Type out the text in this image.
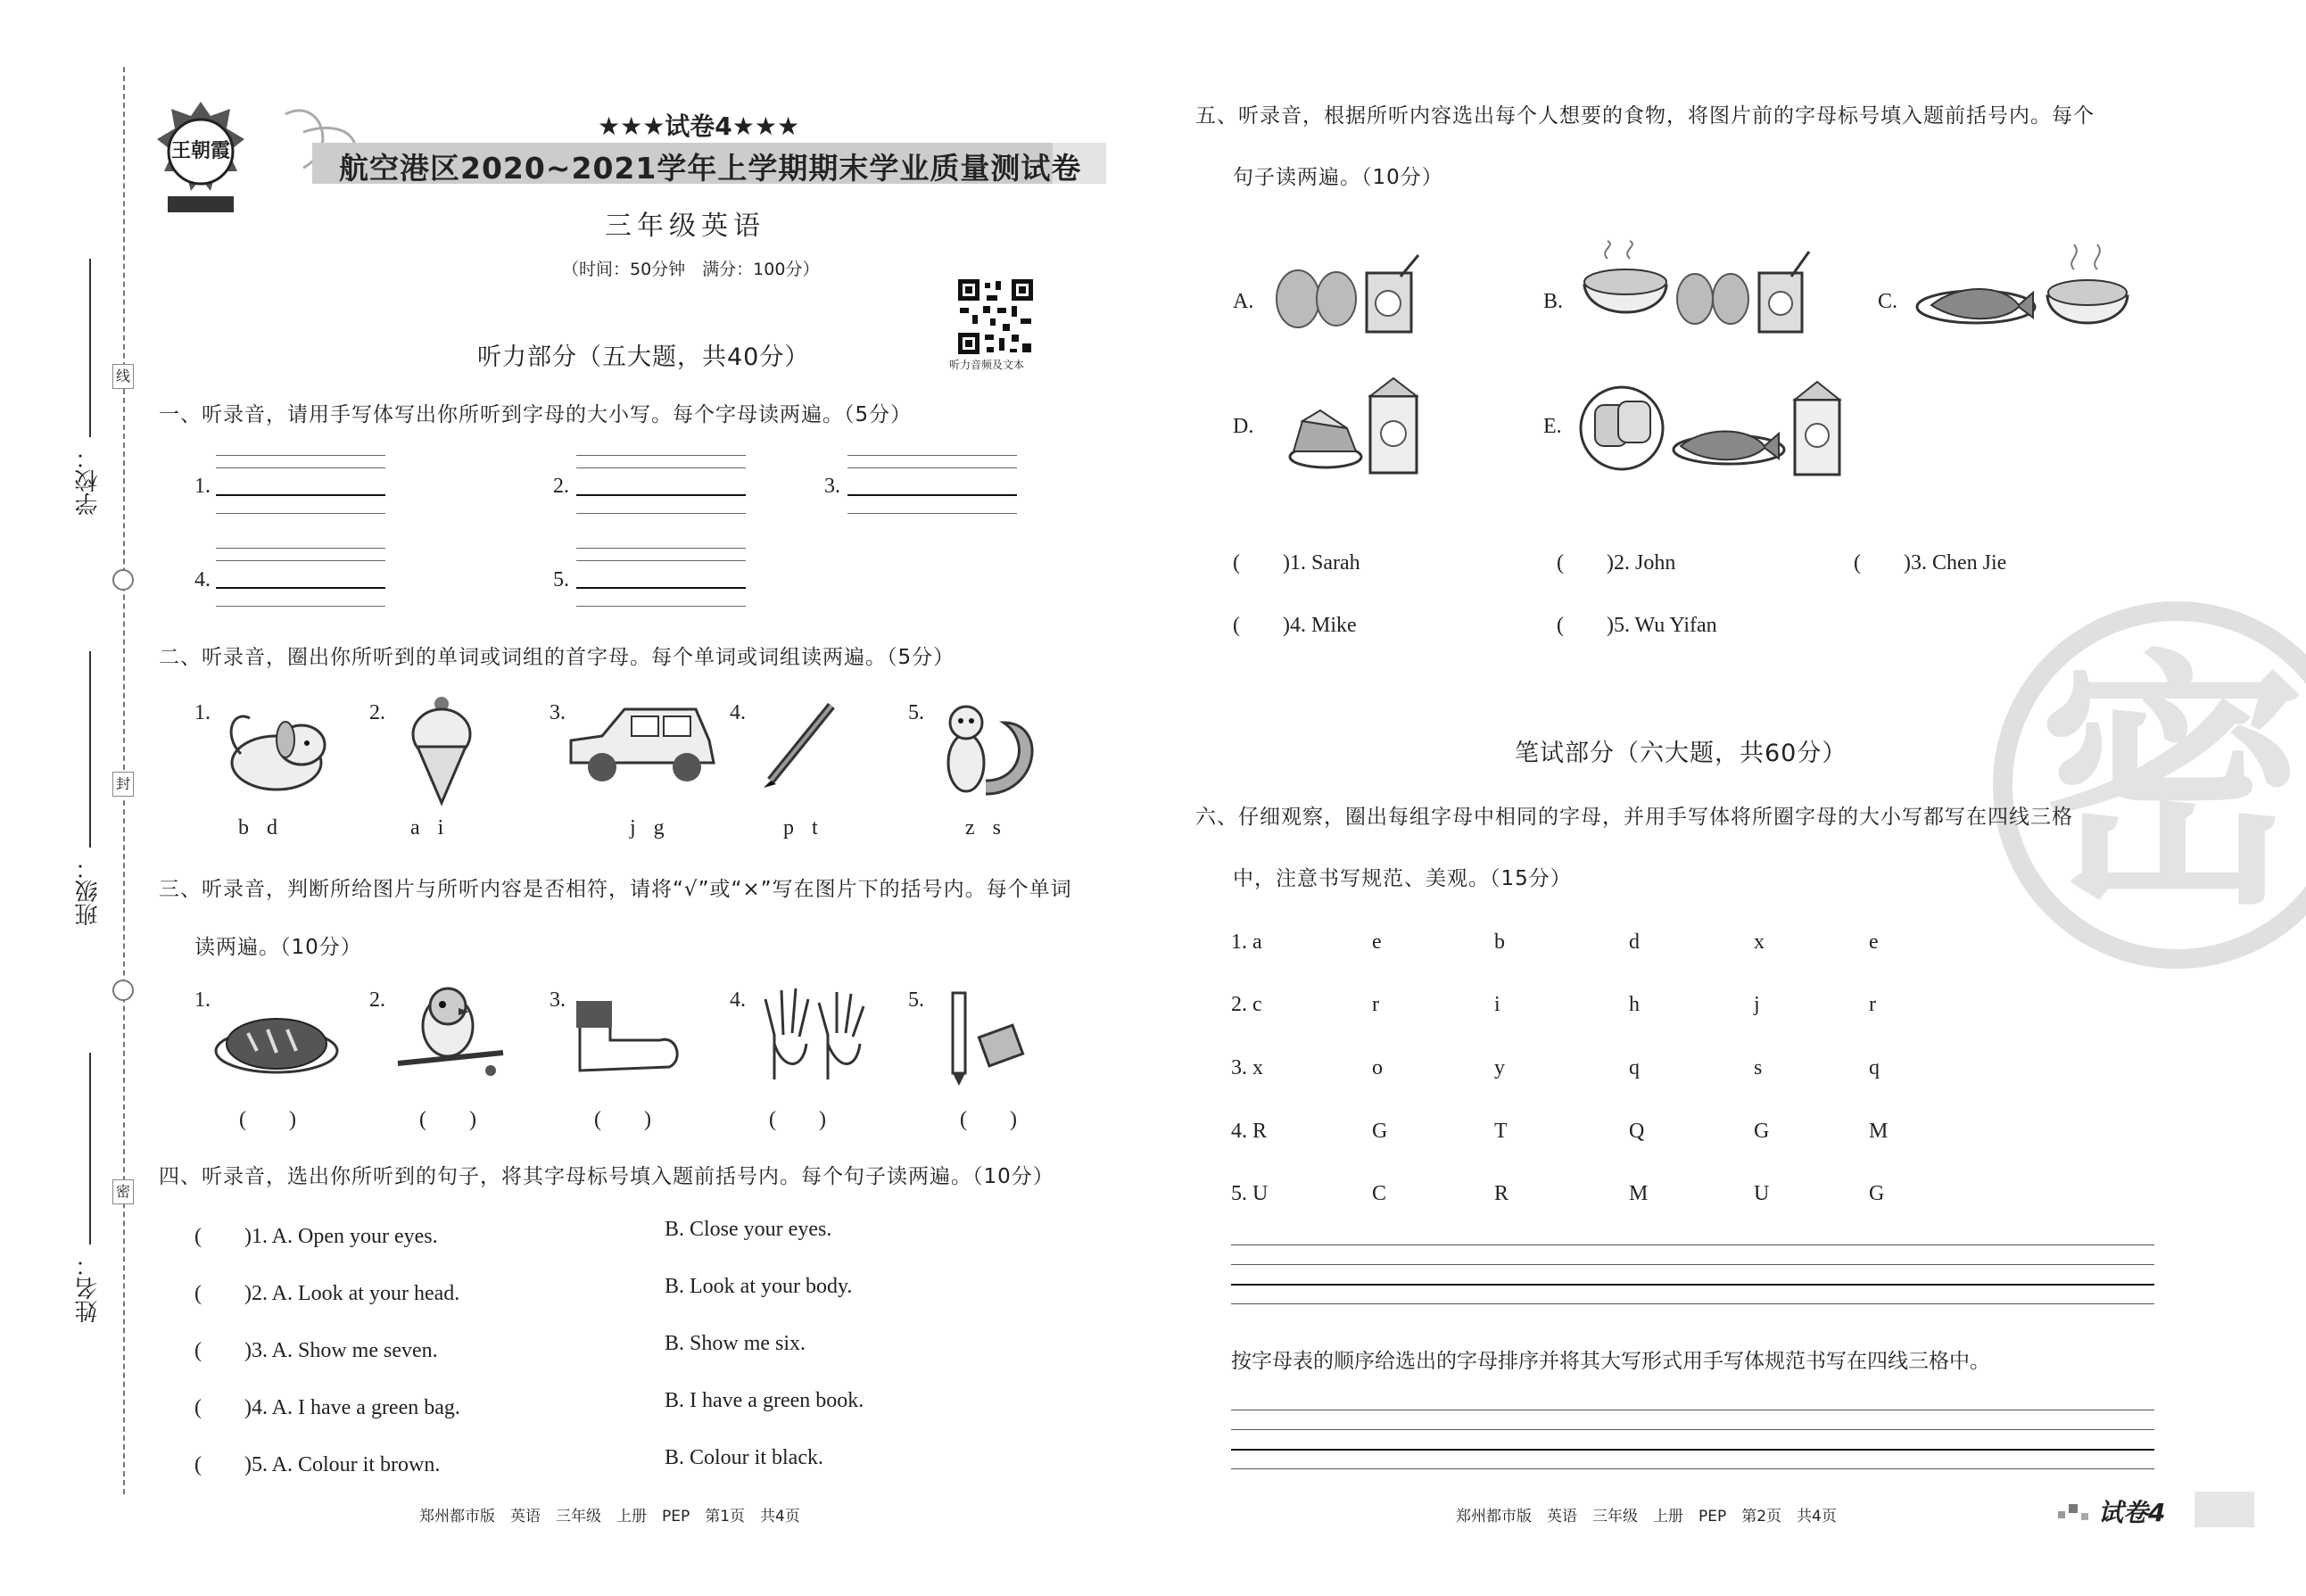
学校：
班级：
姓名：
线
封
密
王朝霞
★★★试卷4★★★
航空港区2020~2021学年上学期期末学业质量测试卷
三年级英语
（时间：50分钟　满分：100分）
听力音频及文本
听力部分（五大题，共40分）
一、听录音，请用手写体写出你所听到字母的大小写。每个字母读两遍。（5分）
1.	2.	3.
4.	5.
二、听录音，圈出你所听到的单词或词组的首字母。每个单词或词组读两遍。（5分）
1.
b d
2.
a i
3.
j g
4.
p t
5.
z s
三、听录音，判断所给图片与所听内容是否相符，请将“√”或“×”写在图片下的括号内。每个单词
读两遍。（10分）
1.
(　　)
2.
(　　)
3.
(　　)
4.
(　　)
5.
(　　)
四、听录音，选出你所听到的句子，将其字母标号填入题前括号内。每个句子读两遍。（10分）
(　　)1. A. Open your eyes.	B. Close your eyes.
(　　)2. A. Look at your head.	B. Look at your body.
(　　)3. A. Show me seven.	B. Show me six.
(　　)4. A. I have a green bag.	B. I have a green book.
(　　)5. A. Colour it brown.	B. Colour it black.
郑州都市版　英语　三年级　上册　PEP　第1页　共4页
密
五、听录音，根据所听内容选出每个人想要的食物，将图片前的字母标号填入题前括号内。每个
句子读两遍。（10分）
A.	B.	C.
D.	E.
(　　)1. Sarah	(　　)2. John	(　　)3. Chen Jie
(　　)4. Mike	(　　)5. Wu Yifan
笔试部分（六大题，共60分）
六、仔细观察，圈出每组字母中相同的字母，并用手写体将所圈字母的大小写都写在四线三格
中，注意书写规范、美观。（15分）
1. a	e	b	d	x	e
2. c	r	i	h	j	r
3. x	o	y	q	s	q
4. R	G	T	Q	G	M
5. U	C	R	M	U	G
按字母表的顺序给选出的字母排序并将其大写形式用手写体规范书写在四线三格中。
郑州都市版　英语　三年级　上册　PEP　第2页　共4页	试卷4
